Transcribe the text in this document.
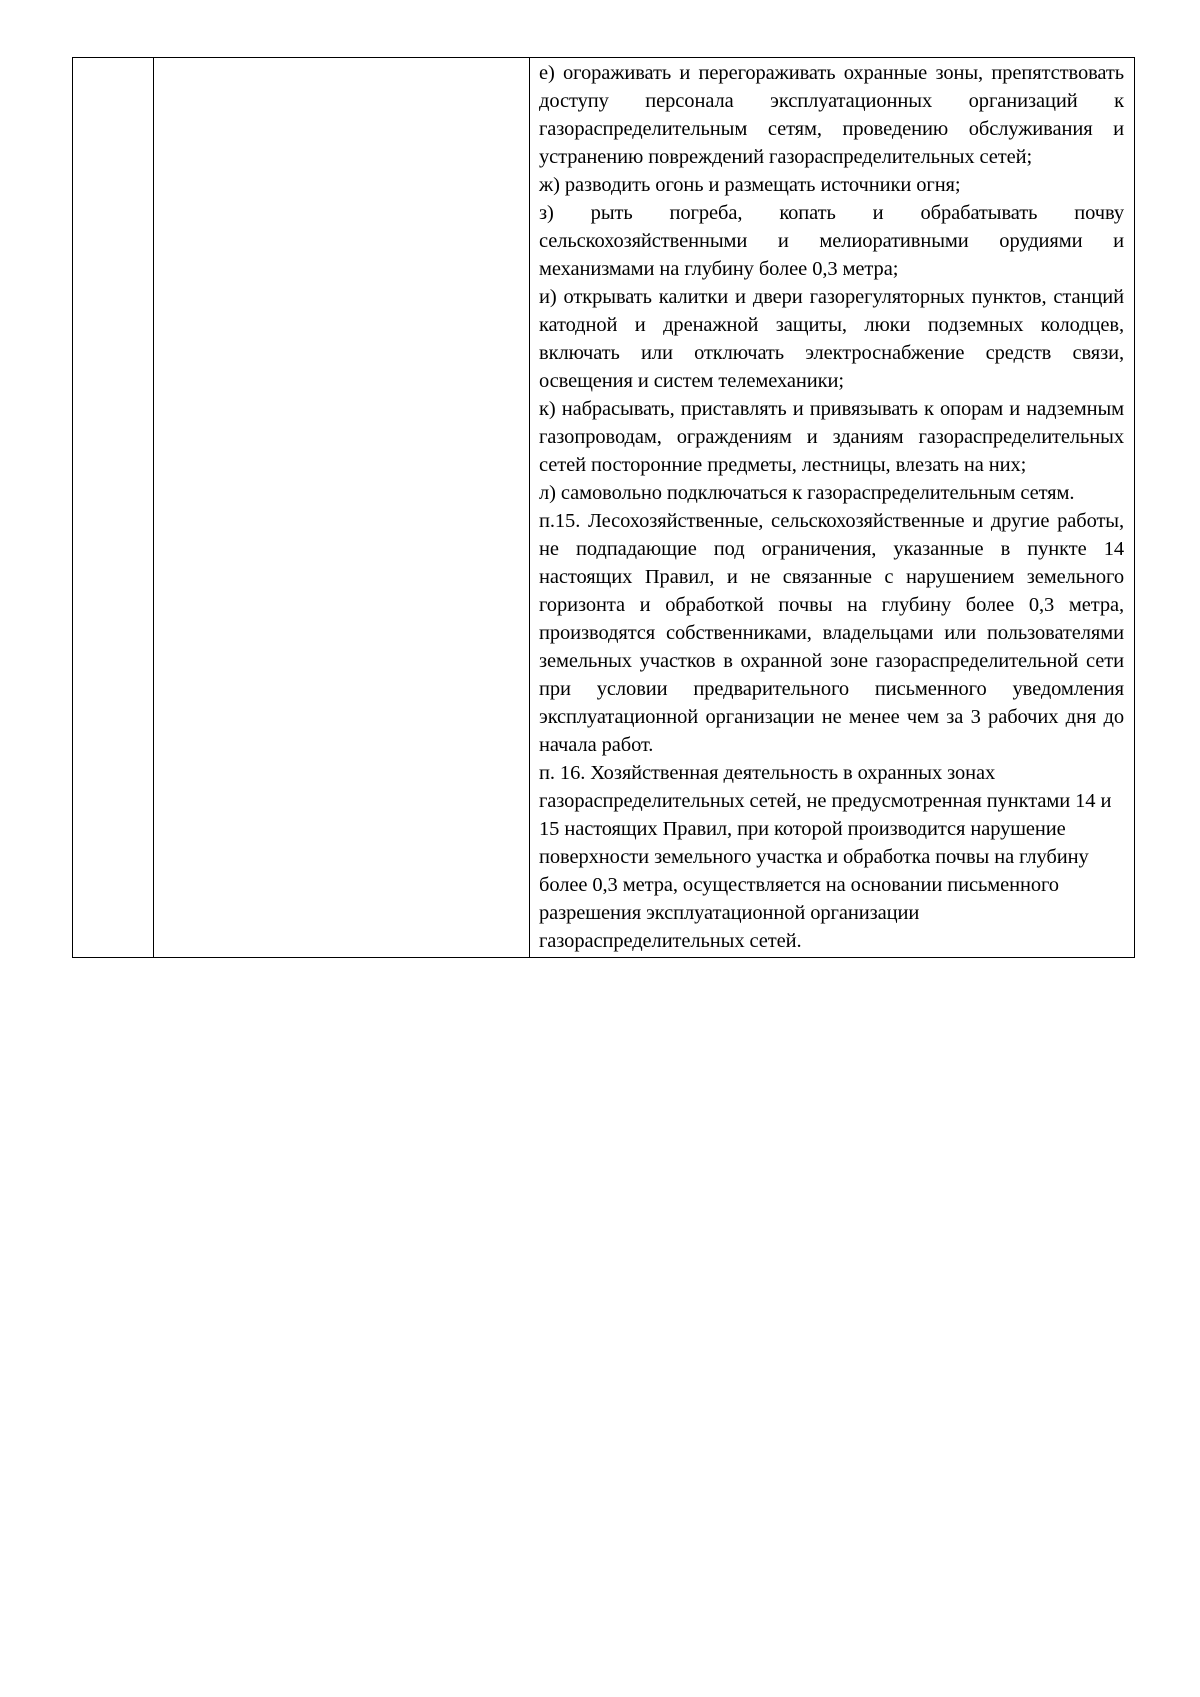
е) огораживать и перегораживать охранные зоны, препятствовать доступу персонала эксплуатационных организаций к газораспределительным сетям, проведению обслуживания и устранению повреждений газораспределительных сетей;

ж) разводить огонь и размещать источники огня;

з) рыть погреба, копать и обрабатывать почву сельскохозяйственными и мелиоративными орудиями и механизмами на глубину более 0,3 метра;

и) открывать калитки и двери газорегуляторных пунктов, станций катодной и дренажной защиты, люки подземных колодцев, включать или отключать электроснабжение средств связи, освещения и систем телемеханики;

к) набрасывать, приставлять и привязывать к опорам и надземным газопроводам, ограждениям и зданиям газораспределительных сетей посторонние предметы, лестницы, влезать на них;

л) самовольно подключаться к газораспределительным сетям.

п.15. Лесохозяйственные, сельскохозяйственные и другие работы, не подпадающие под ограничения, указанные в пункте 14 настоящих Правил, и не связанные с нарушением земельного горизонта и обработкой почвы на глубину более 0,3 метра, производятся собственниками, владельцами или пользователями земельных участков в охранной зоне газораспределительной сети при условии предварительного письменного уведомления эксплуатационной организации не менее чем за 3 рабочих дня до начала работ.

п. 16. Хозяйственная деятельность в охранных зонах газораспределительных сетей, не предусмотренная пунктами 14 и 15 настоящих Правил, при которой производится нарушение поверхности земельного участка и обработка почвы на глубину более 0,3 метра, осуществляется на основании письменного разрешения эксплуатационной организации газораспределительных сетей.
